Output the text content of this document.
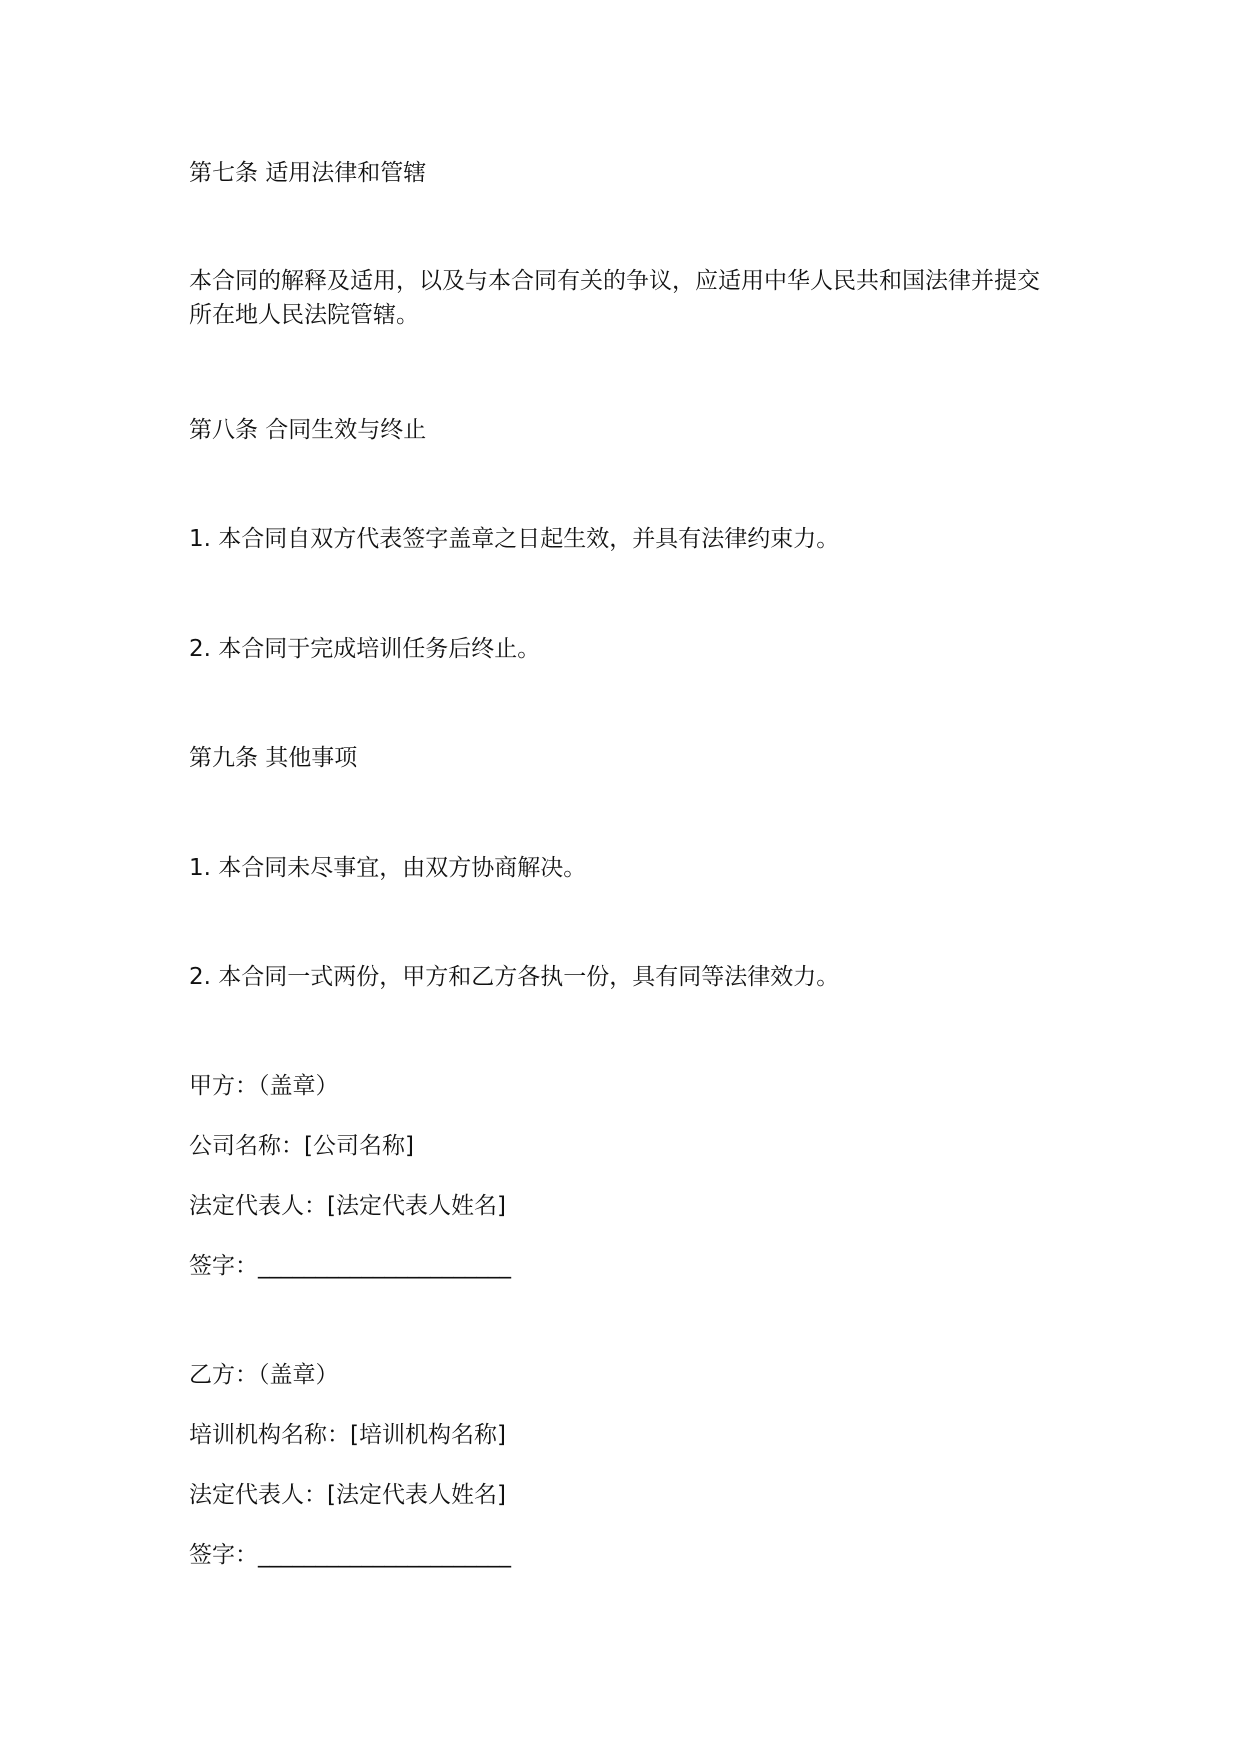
第七条 适用法律和管辖
本合同的解释及适用，以及与本合同有关的争议，应适用中华人民共和国法律并提交
所在地人民法院管辖。
第八条 合同生效与终止
1. 本合同自双方代表签字盖章之日起生效，并具有法律约束力。
2. 本合同于完成培训任务后终止。
第九条 其他事项
1. 本合同未尽事宜，由双方协商解决。
2. 本合同一式两份，甲方和乙方各执一份，具有同等法律效力。
甲方：（盖章）
公司名称：[公司名称]
法定代表人：[法定代表人姓名]
签字：______________________
乙方：（盖章）
培训机构名称：[培训机构名称]
法定代表人：[法定代表人姓名]
签字：______________________
